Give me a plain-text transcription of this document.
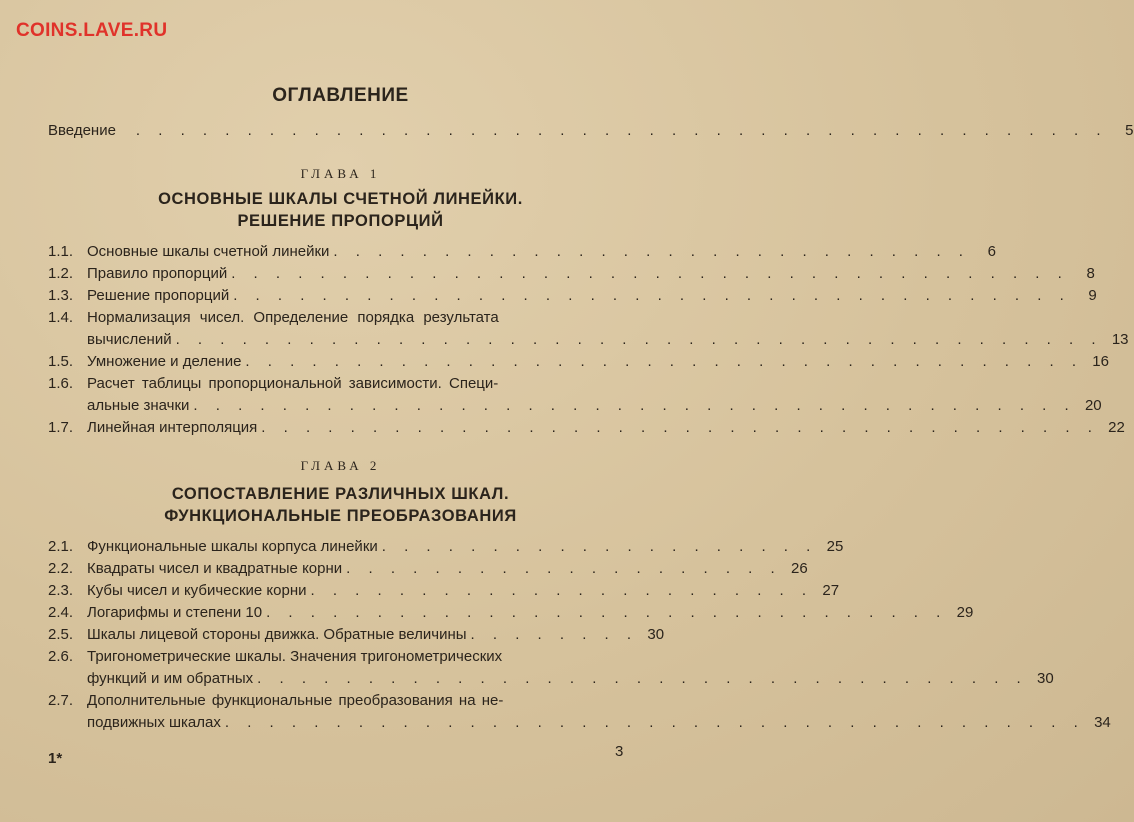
COINS.LAVE.RU
ОГЛАВЛЕНИЕ
Введение . . . . . . . . . . . . . . . . . . . . . . . . . . . . . . . . . . . . . . . . . . . .	5
ГЛАВА 1
ОСНОВНЫЕ ШКАЛЫ СЧЕТНОЙ ЛИНЕЙКИ.
РЕШЕНИЕ ПРОПОРЦИЙ
1.1. Основные шкалы счетной линейки . . . . . . . . . . . . . . . . . . . . . . . . . . . . .	6
1.2. Правило пропорций . . . . . . . . . . . . . . . . . . . . . . . . . . . . . . . . . . . . . .	8
1.3. Решение пропорций . . . . . . . . . . . . . . . . . . . . . . . . . . . . . . . . . . . . . .	9
1.4. Нормализация чисел. Определение порядка результата
вычислений . . . . . . . . . . . . . . . . . . . . . . . . . . . . . . . . . . . . . . . . . . 13
1.5. Умножение и деление . . . . . . . . . . . . . . . . . . . . . . . . . . . . . . . . . . . . . . 16
1.6. Расчет таблицы пропорциональной зависимости. Специ-
альные значки . . . . . . . . . . . . . . . . . . . . . . . . . . . . . . . . . . . . . . . . 20
1.7. Линейная интерполяция . . . . . . . . . . . . . . . . . . . . . . . . . . . . . . . . . . . . . . 22
ГЛАВА 2
СОПОСТАВЛЕНИЕ РАЗЛИЧНЫХ ШКАЛ.
ФУНКЦИОНАЛЬНЫЕ ПРЕОБРАЗОВАНИЯ
2.1. Функциональные шкалы корпуса линейки . . . . . . . . . . . . . . . . . . . . 25
2.2. Квадраты чисел и квадратные корни . . . . . . . . . . . . . . . . . . . . 26
2.3. Кубы чисел и кубические корни . . . . . . . . . . . . . . . . . . . . . . . 27
2.4. Логарифмы и степени 10 . . . . . . . . . . . . . . . . . . . . . . . . . . . . . . . 29
2.5. Шкалы лицевой стороны движка. Обратные величины . . . . . . . . 30
2.6. Тригонометрические шкалы. Значения тригонометрических
функций и им обратных . . . . . . . . . . . . . . . . . . . . . . . . . . . . . . . . . . . 30
2.7. Дополнительные функциональные преобразования на не-
подвижных шкалах . . . . . . . . . . . . . . . . . . . . . . . . . . . . . . . . . . . . . . . 34
1*	3
